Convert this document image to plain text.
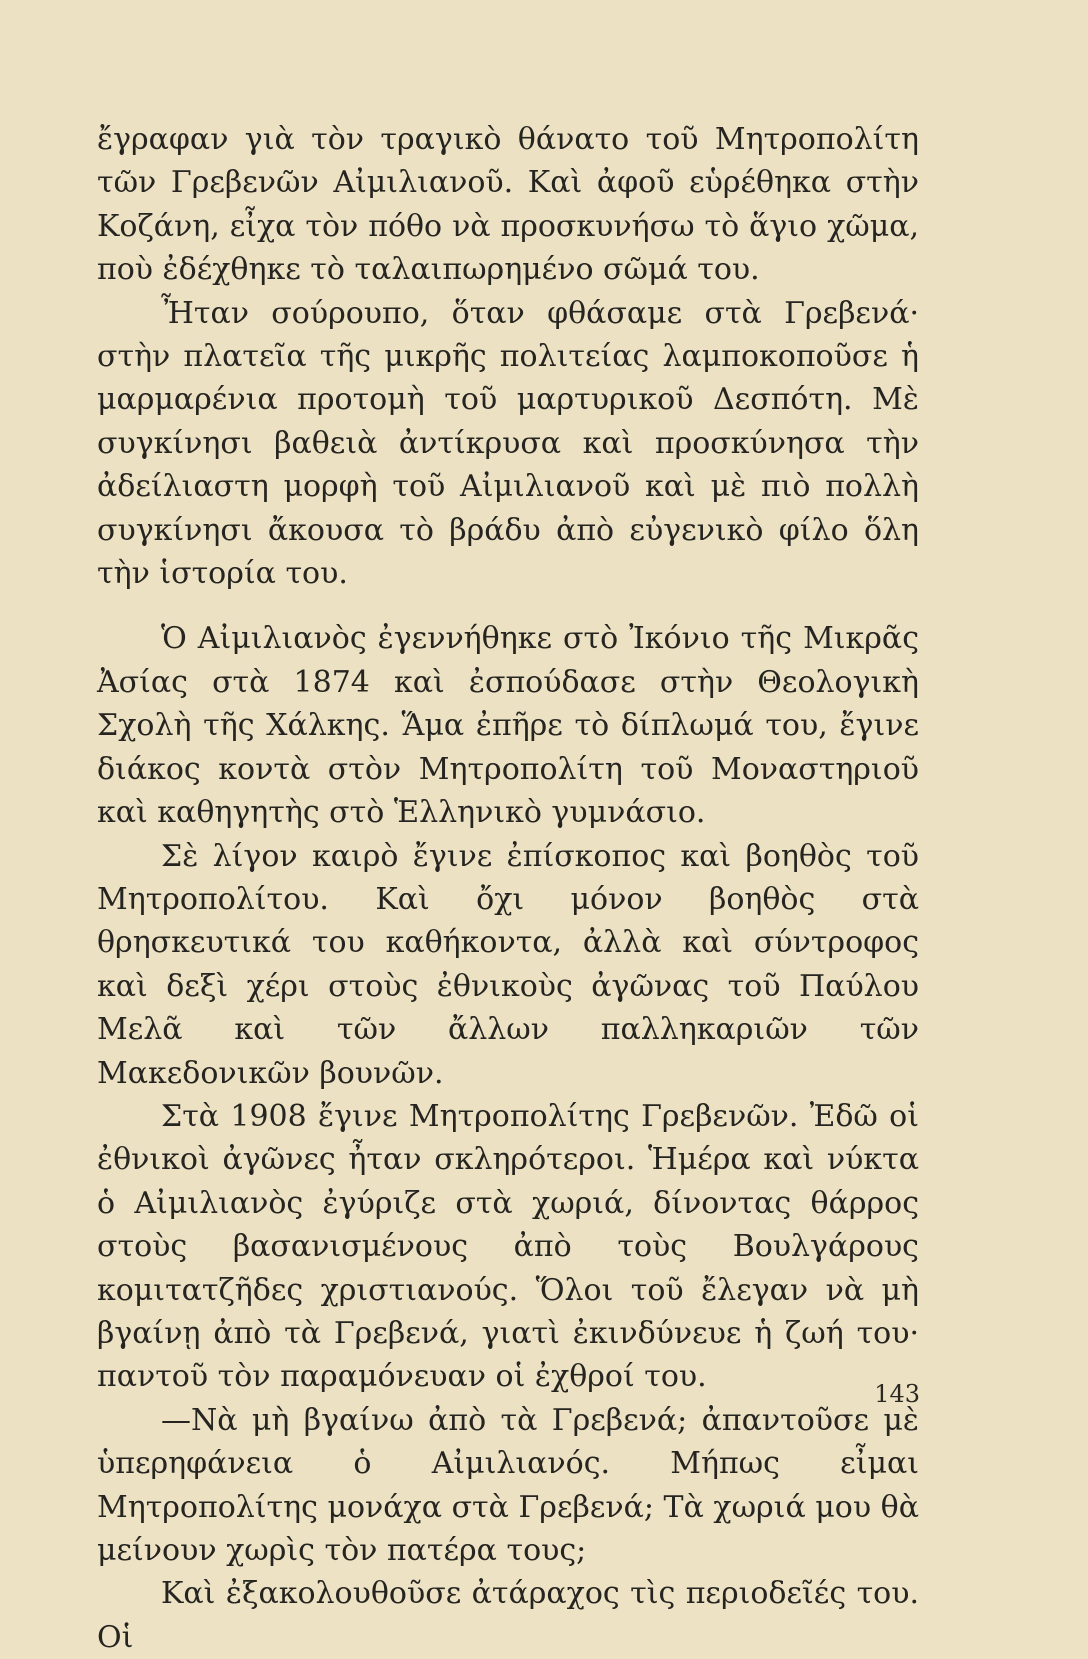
ἔγραφαν γιὰ τὸν τραγικὸ θάνατο τοῦ Μητροπολίτη τῶν Γρεβενῶν Αἰμιλιανοῦ. Καὶ ἀφοῦ εὑρέθηκα στὴν Κοζάνη, εἶχα τὸν πόθο νὰ προσκυνήσω τὸ ἅγιο χῶμα, ποὺ ἐδέχθηκε τὸ ταλαιπωρημένο σῶμά του.

Ἦταν σούρουπο, ὅταν φθάσαμε στὰ Γρεβενά· στὴν πλατεῖα τῆς μικρῆς πολιτείας λαμποκοποῦσε ἡ μαρμαρένια προτομὴ τοῦ μαρτυρικοῦ Δεσπότη. Μὲ συγκίνησι βαθειὰ ἀντίκρυσα καὶ προσκύνησα τὴν ἀδείλιαστη μορφὴ τοῦ Αἰμιλιανοῦ καὶ μὲ πιὸ πολλὴ συγκίνησι ἄκουσα τὸ βράδυ ἀπὸ εὐγενικὸ φίλο ὅλη τὴν ἱστορία του.

Ὁ Αἰμιλιανὸς ἐγεννήθηκε στὸ Ἰκόνιο τῆς Μικρᾶς Ἀσίας στὰ 1874 καὶ ἐσπούδασε στὴν Θεολογικὴ Σχολὴ τῆς Χάλκης. Ἅμα ἐπῆρε τὸ δίπλωμά του, ἔγινε διάκος κοντὰ στὸν Μητροπολίτη τοῦ Μοναστηριοῦ καὶ καθηγητὴς στὸ Ἑλληνικὸ γυμνάσιο.

Σὲ λίγον καιρὸ ἔγινε ἐπίσκοπος καὶ βοηθὸς τοῦ Μητροπολίτου. Καὶ ὄχι μόνον βοηθὸς στὰ θρησκευτικά του καθήκοντα, ἀλλὰ καὶ σύντροφος καὶ δεξὶ χέρι στοὺς ἐθνικοὺς ἀγῶνας τοῦ Παύλου Μελᾶ καὶ τῶν ἄλλων παλληκαριῶν τῶν Μακεδονικῶν βουνῶν.

Στὰ 1908 ἔγινε Μητροπολίτης Γρεβενῶν. Ἐδῶ οἱ ἐθνικοὶ ἀγῶνες ἦταν σκληρότεροι. Ἡμέρα καὶ νύκτα ὁ Αἰμιλιανὸς ἐγύριζε στὰ χωριά, δίνοντας θάρρος στοὺς βασανισμένους ἀπὸ τοὺς Βουλγάρους κομιτατζῆδες χριστιανούς. Ὅλοι τοῦ ἔλεγαν νὰ μὴ βγαίνῃ ἀπὸ τὰ Γρεβενά, γιατὶ ἐκινδύνευε ἡ ζωή του· παντοῦ τὸν παραμόνευαν οἱ ἐχθροί του.

—Νὰ μὴ βγαίνω ἀπὸ τὰ Γρεβενά; ἀπαντοῦσε μὲ ὑπερηφάνεια ὁ Αἰμιλιανός. Μήπως εἶμαι Μητροπολίτης μονάχα στὰ Γρεβενά; Τὰ χωριά μου θὰ μείνουν χωρὶς τὸν πατέρα τους;

Καὶ ἐξακολουθοῦσε ἀτάραχος τὶς περιοδεῖές του. Οἱ

143
